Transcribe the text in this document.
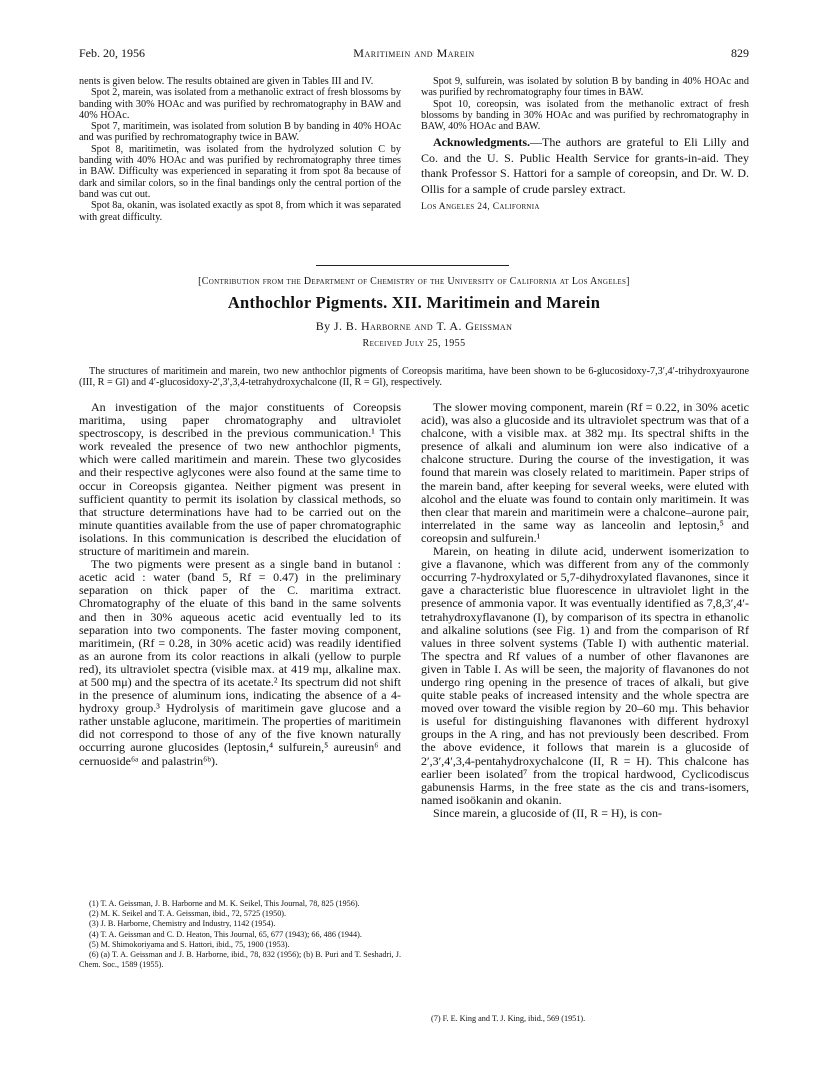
Feb. 20, 1956	Maritimein and Marein	829

nents is given below. The results obtained are given in Tables III and IV.

Spot 2, marein, was isolated from a methanolic extract of fresh blossoms by banding with 30% HOAc and was purified by rechromatography in BAW and 40% HOAc.

Spot 7, maritimein, was isolated from solution B by banding in 40% HOAc and was purified by rechromatography twice in BAW.

Spot 8, maritimetin, was isolated from the hydrolyzed solution C by banding with 40% HOAc and was purified by rechromatography three times in BAW. Difficulty was experienced in separating it from spot 8a because of dark and similar colors, so in the final bandings only the central portion of the band was cut out.

Spot 8a, okanin, was isolated exactly as spot 8, from which it was separated with great difficulty.

Spot 9, sulfurein, was isolated by solution B by banding in 40% HOAc and was purified by rechromatography four times in BAW.

Spot 10, coreopsin, was isolated from the methanolic extract of fresh blossoms by banding in 30% HOAc and was purified by rechromatography in BAW, 40% HOAc and BAW.

Acknowledgments.—The authors are grateful to Eli Lilly and Co. and the U. S. Public Health Service for grants-in-aid. They thank Professor S. Hattori for a sample of coreopsin, and Dr. W. D. Ollis for a sample of crude parsley extract.

Los Angeles 24, California

[Contribution from the Department of Chemistry of the University of California at Los Angeles]
Anthochlor Pigments. XII. Maritimein and Marein
By J. B. Harborne and T. A. Geissman
Received July 25, 1955

The structures of maritimein and marein, two new anthochlor pigments of Coreopsis maritima, have been shown to be 6-glucosidoxy-7,3′,4′-trihydroxyaurone (III, R = Gl) and 4′-glucosidoxy-2′,3′,3,4-tetrahydroxychalcone (II, R = Gl), respectively.

An investigation of the major constituents of Coreopsis maritima, using paper chromatography and ultraviolet spectroscopy, is described in the previous communication.¹ This work revealed the presence of two new anthochlor pigments, which were called maritimein and marein. These two glycosides and their respective aglycones were also found at the same time to occur in Coreopsis gigantea. Neither pigment was present in sufficient quantity to permit its isolation by classical methods, so that structure determinations have had to be carried out on the minute quantities available from the use of paper chromatographic isolations. In this communication is described the elucidation of structure of maritimein and marein.

The two pigments were present as a single band in butanol : acetic acid : water (band 5, Rf = 0.47) in the preliminary separation on thick paper of the C. maritima extract. Chromatography of the eluate of this band in the same solvents and then in 30% aqueous acetic acid eventually led to its separation into two components. The faster moving component, maritimein, (Rf = 0.28, in 30% acetic acid) was readily identified as an aurone from its color reactions in alkali (yellow to purple red), its ultraviolet spectra (visible max. at 419 mμ, alkaline max. at 500 mμ) and the spectra of its acetate.² Its spectrum did not shift in the presence of aluminum ions, indicating the absence of a 4-hydroxy group.³ Hydrolysis of maritimein gave glucose and a rather unstable aglucone, maritimein. The properties of maritimein did not correspond to those of any of the five known naturally occurring aurone glucosides (leptosin,⁴ sulfurein,⁵ aureusin⁶ and cernuoside⁶ᵃ and palastrin⁶ᵇ).

The slower moving component, marein (Rf = 0.22, in 30% acetic acid), was also a glucoside and its ultraviolet spectrum was that of a chalcone, with a visible max. at 382 mμ. Its spectral shifts in the presence of alkali and aluminum ion were also indicative of a chalcone structure. During the course of the investigation, it was found that marein was closely related to maritimein. Paper strips of the marein band, after keeping for several weeks, were eluted with alcohol and the eluate was found to contain only maritimein. It was then clear that marein and maritimein were a chalcone–aurone pair, interrelated in the same way as lanceolin and leptosin,⁵ and coreopsin and sulfurein.¹

Marein, on heating in dilute acid, underwent isomerization to give a flavanone, which was different from any of the commonly occurring 7-hydroxylated or 5,7-dihydroxylated flavanones, since it gave a characteristic blue fluorescence in ultraviolet light in the presence of ammonia vapor. It was eventually identified as 7,8,3′,4′-tetrahydroxyflavanone (I), by comparison of its spectra in ethanolic and alkaline solutions (see Fig. 1) and from the comparison of Rf values in three solvent systems (Table I) with authentic material. The spectra and Rf values of a number of other flavanones are given in Table I. As will be seen, the majority of flavanones do not undergo ring opening in the presence of traces of alkali, but give quite stable peaks of increased intensity and the whole spectra are moved over toward the visible region by 20–60 mμ. This behavior is useful for distinguishing flavanones with different hydroxyl groups in the A ring, and has not previously been described. From the above evidence, it follows that marein is a glucoside of 2′,3′,4′,3,4-pentahydroxychalcone (II, R = H). This chalcone has earlier been isolated⁷ from the tropical hardwood, Cyclicodiscus gabunensis Harms, in the free state as the cis and trans-isomers, named isoökanin and okanin.

Since marein, a glucoside of (II, R = H), is con-

(1) T. A. Geissman, J. B. Harborne and M. K. Seikel, This Journal, 78, 825 (1956).

(2) M. K. Seikel and T. A. Geissman, ibid., 72, 5725 (1950).

(3) J. B. Harborne, Chemistry and Industry, 1142 (1954).

(4) T. A. Geissman and C. D. Heaton, This Journal, 65, 677 (1943); 66, 486 (1944).

(5) M. Shimokoriyama and S. Hattori, ibid., 75, 1900 (1953).

(6) (a) T. A. Geissman and J. B. Harborne, ibid., 78, 832 (1956); (b) B. Puri and T. Seshadri, J. Chem. Soc., 1589 (1955).

(7) F. E. King and T. J. King, ibid., 569 (1951).
